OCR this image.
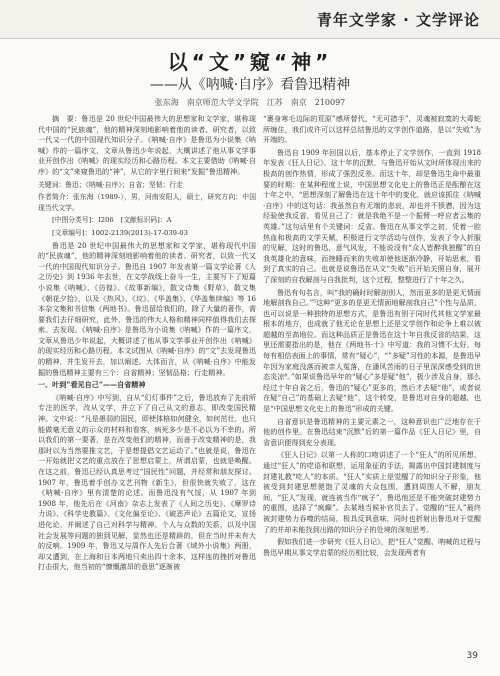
青年文学家 · 文学评论
以“文”窥“神”
——从《呐喊·自序》看鲁迅精神
张东海　南京师范大学文学院　江苏　南京　210097

摘　要：鲁迅是 20 世纪中国最伟大的思想家和文学家，堪称现代中国的“民族魂”，他的精神深刻地影响着他的读者、研究者，以致一代又一代的中国现代知识分子。《呐喊·自序》是鲁迅为小说集《呐喊》作的一篇序文，文章从鲁迅少年说起，大概讲述了他从事文学事业开创作出《呐喊》的现实经历和心路历程。本文主要借助《呐喊·自序》的“文”来窥鲁迅的“神”，从它的字里行间来“发掘”鲁迅精神。

关键词：鲁迅；《呐喊·自序》；自省；坚韧；行走

作者简介：张东海（1989-），男，河南安阳人，硕士，研究方向：中国现当代文学。

[中图分类号]：I206　[文献标识码]：A

[文章编号]：1002-2139(2013)-17-039-03

鲁迅是 20 世纪中国最伟大的思想家和文学家，堪称现代中国的“民族魂”，他的精神深刻地影响着他的读者、研究者，以致一代又一代的中国现代知识分子。鲁迅自 1907 年发表第一篇文学论著《人之历史》到 1936 年去世，在文学战线上奋斗一生，主要写下了短篇小说集《呐喊》、《彷徨》、《故事新编》，散文诗集《野草》，散文集《朝花夕拾》，以及《热风》、《坟》、《华盖集》、《华盖集续编》等 16 本杂文集和书信集《两地书》。鲁迅留给我们的，除了大量的著作，需要我们去仔细研究，此外，鲁迅的伟大人格和精神同样值得我们去探索。去发现。《呐喊·自序》是鲁迅为小说集《呐喊》作的一篇序文，文章从鲁迅少年说起，大概讲述了他从事文学事业开创作出《呐喊》的现实经历和心路历程。本文试图从《呐喊·自序》的“文”去发现鲁迅的精神，并生发开去，加以阐述。大体而言，从《呐喊·自序》中能发掘的鲁迅精神主要有三个：自省精神；坚韧品格；行走精神。

一、叶到“看见自己”——自省精神

《呐喊·自序》中写到，自从“幻灯事件”之后，鲁迅放弃了先前所专注的医学，改从文学，并立下了自己从文的意志，即改变国民精神。文中说：“凡是愚弱的国民，即使体格如何健全，如何茁壮，也只能做毫无意义的示众的材料和看客，病死多少是不必以为不幸的。所以我们的第一要著，是在改变他们的精神，而善于改变精神的是，我那时以为当然要推文艺，于是想提倡文艺运动了。”也就是说，鲁迅在一开始就把文艺的重点放在了思想启蒙上，所谓启蒙，也就是唤醒。在这之前，鲁迅已经认真思考过“国民性”问题，并经常和朋友探讨。1907 年，鲁迅着手创办文艺刊物《新生》，但很快就失败了，这在《呐喊·自序》里有清楚的论述。而鲁迅没有气馁，从 1907 年到 1908 年，他先后在《河南》杂志上发表了《人间之历史》、《摩罗诗力说》、《科学史教篇》、《文化偏至论》、《破恶声论》五篇论文，宣扬进化论，并阐述了自己对科学与精神、个人与众数的关系，以及中国社会发展等问题的独到见解，显然也还是精辟的，但在当时并未有大的反响。1909 年，鲁迅又与周作人先后合著《域外小说集》两册，却又遭到，在上海和日本两地只卖出四十余本，这样连的挫折对鲁迅打击很大，他当初的“慷慨激昂的意思”逐渐被

“裹身寒毛边际的荒原”感所替代，“无可措手”，灵魂被寂寞的大毒蛇所缠住，我们或许可以这样总结鲁迅的文学创作道路，是以“失败”为开端的。

鲁迅自 1909 年回国以后，基本停止了文学创作，一直到 1918 年发表《狂人日记》，这十年的沉默，与鲁迅开始从文时所体现出来的极高的创作热情，形成了强烈反差。而这十年，却是鲁迅生命中最重要的时期：在某种程度上说，中国思想文化史上的鲁迅正是酝酿在这十年之中，“思想深刻了解鲁迅在这十年中的变化，就应该抓住《呐喊·自序》中的这句话：我虽然自有无端的悲哀，却也并不愤懑，因为这经验使我反省，看见自己了：就是我绝不是一个振臂一呼应者云集的英雄。”这句话里有个关键词：反省。鲁迅在从事文学之初，凭着一腔热血和极高的文学天赋，积极进行文学活动与创作，发表了令人折服的见解，这时的鲁迅，意气风发，不能说没有“众人皆醉我独醒”的自我英雄化的意味，而挫睡而来的失败却使他逐渐冷静，开始思索，看到了真实的自己。也就是说鲁迅在从文“失败”后开始关照自身，展开了深刻的自我解剖与自我批判，这个过程，整整进行了十年之久。

鲁迅有句名言，叫“我的确时时解剖别人，然而更多的是更无情面地解剖我自己。”⁵这种“更多的是更无情面地解剖我自己”个性与品质，也可以说是一种独特的思想方式，是鲁迅有别于同时代其他文学家最根本的地方，也成就了他无论在思想上还是文学创作和论争上难以被超越的至高地位。而这种品质正是鲁迅在这十年自我反省的结果，这里还需要指出的是，他在《两地书·十》中写道：我的习惯不太好，每每有相信表面上的事情，常有“疑心”，“”多疑”习性的本源，是鲁迅早年因为家庭没落而被亲人冤落，在潘风苦雨的日子里深深感受到的世态炎凉⁸。”如果说鲁迅早年的“疑心”多是疑“他”，极少涉及自身，那么经过十年自省之后，鲁迅的“疑心”更多的，然后才去疑“他”，或者说在疑“自己”的基础上去疑“他”，这个转变，是鲁迅对自身的超越，也是“中国思想文化史上的鲁迅”形成的关键。

自省意识是鲁迅精神的主要元素之一，这种意识也广泛地存在于他的创作里。在鲁迅结束“沉默”后的第一篇作品《狂人日记》里，自省意识便得到充分表现。

《狂人日记》以第一人称的口吻讲述了一个“狂人”的所见所想，通过“狂人”的呓语和联想，运用象征的手法，揭露出中国封建制度与封建礼教“吃人”的本质。“狂人”实质上是觉醒了的知识分子形象，他被受到封建思想便饱了灵魂的大众包围，遭到周围人不解，朋友间，“狂人”发现，就连被当作“疯子”，鲁迅他还是不能突破封建势力的重围，选择了“疯癫”。去某地当候补官员去了。觉醒的“狂人”最终被封建势力吞噬的结局，极具反讽意味，同时也折射出鲁迅对于觉醒了的并却未能找到出路的知识分子的处境的深刻思考。

假如我们进一步研究《狂人日记》，把“狂人”觉醒、呐喊的过程与鲁迅早期从事文学启蒙的经历相比较，会发现两者有

39
